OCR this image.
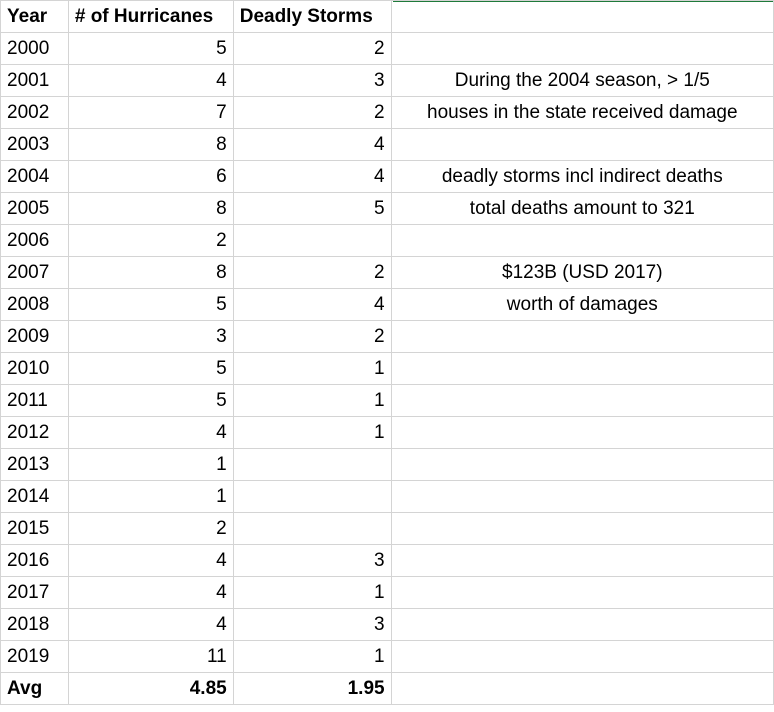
Year	# of Hurricanes	Deadly Storms	
2000	5	2	
2001	4	3	During the 2004 season, > 1/5
2002	7	2	houses in the state received damage
2003	8	4	
2004	6	4	deadly storms incl indirect deaths
2005	8	5	total deaths amount to 321
2006	2		
2007	8	2	$123B (USD 2017)
2008	5	4	worth of damages
2009	3	2	
2010	5	1	
2011	5	1	
2012	4	1	
2013	1		
2014	1		
2015	2		
2016	4	3	
2017	4	1	
2018	4	3	
2019	11	1	
Avg	4.85	1.95	
